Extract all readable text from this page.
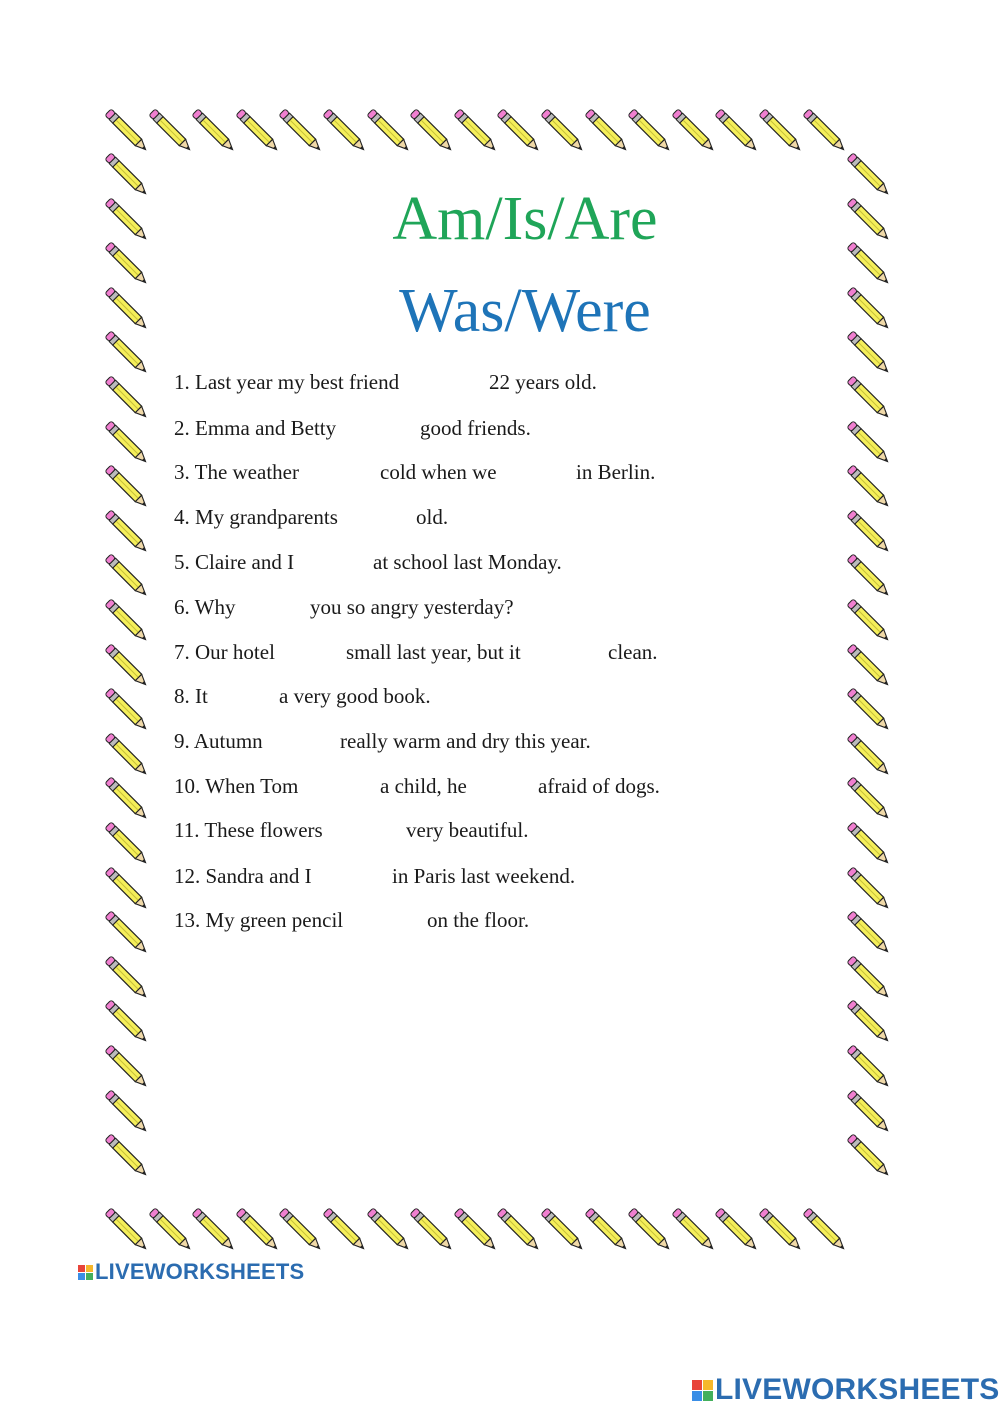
Am/Is/Are
Was/Were
1. Last year my best friend	22 years old.
2. Emma and Betty	good friends.
3. The weather	cold when we	in Berlin.
4. My grandparents	old.
5. Claire and I	at school last Monday.
6. Why	you so angry yesterday?
7. Our hotel	small last year, but it	clean.
8. It	a very good book.
9. Autumn	really warm and dry this year.
10. When Tom	a child, he	afraid of dogs.
11. These flowers	very beautiful.
12. Sandra and I	in Paris last weekend.
13. My green pencil	on the floor.
LIVEWORKSHEETS
LIVEWORKSHEETS
